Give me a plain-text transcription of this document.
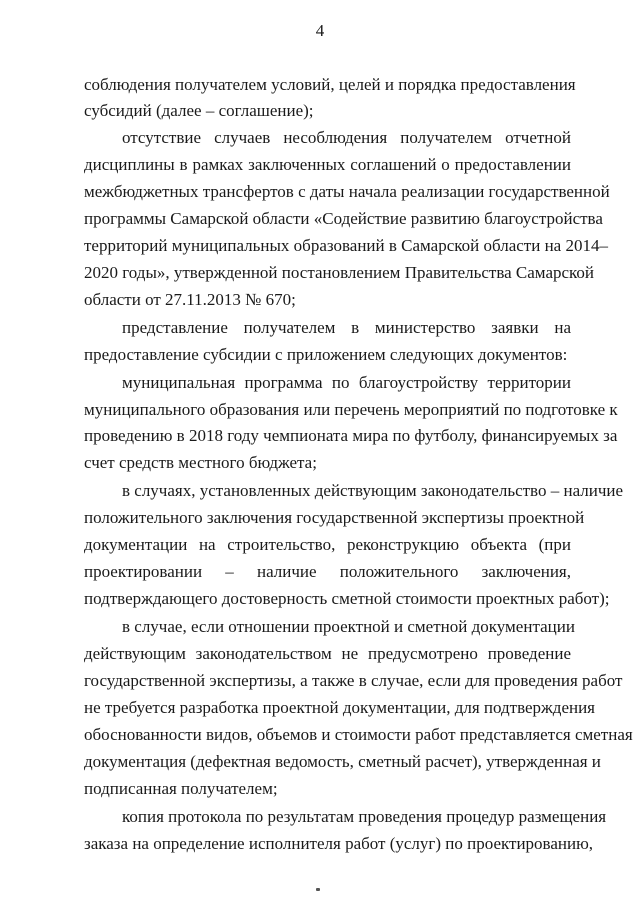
4
соблюдения получателем условий, целей и порядка предоставления
субсидий (далее – соглашение);
отсутствие случаев несоблюдения получателем отчетной
дисциплины в рамках заключенных соглашений о предоставлении
межбюджетных трансфертов с даты начала реализации государственной
программы Самарской области «Содействие развитию благоустройства
территорий муниципальных образований в Самарской области на 2014–
2020 годы», утвержденной постановлением Правительства Самарской
области от 27.11.2013 № 670;
представление получателем в министерство заявки на
предоставление субсидии с приложением следующих документов:
муниципальная программа по благоустройству территории
муниципального образования или перечень мероприятий по подготовке к
проведению в 2018 году чемпионата мира по футболу, финансируемых за
счет средств местного бюджета;
в случаях, установленных действующим законодательство – наличие
положительного заключения государственной экспертизы проектной
документации на строительство, реконструкцию объекта (при
проектировании – наличие положительного заключения,
подтверждающего достоверность сметной стоимости проектных работ);
в случае, если отношении проектной и сметной документации
действующим законодательством не предусмотрено проведение
государственной экспертизы, а также в случае, если для проведения работ
не требуется разработка проектной документации, для подтверждения
обоснованности видов, объемов и стоимости работ представляется сметная
документация (дефектная ведомость, сметный расчет), утвержденная и
подписанная получателем;
копия протокола по результатам проведения процедур размещения
заказа на определение исполнителя работ (услуг) по проектированию,
